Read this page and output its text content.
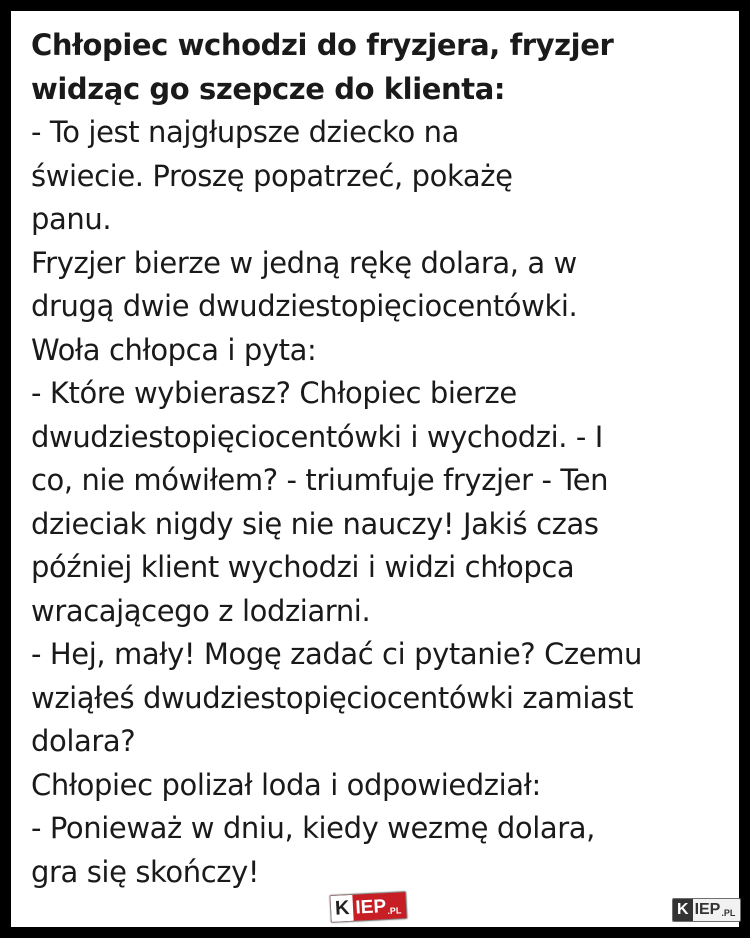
Chłopiec wchodzi do fryzjera, fryzjer
widząc go szepcze do klienta:
- To jest najgłupsze dziecko na
świecie. Proszę popatrzeć, pokażę
panu.
Fryzjer bierze w jedną rękę dolara, a w
drugą dwie dwudziestopięciocentówki.
Woła chłopca i pyta:
- Które wybierasz? Chłopiec bierze
dwudziestopięciocentówki i wychodzi. - I
co, nie mówiłem? - triumfuje fryzjer - Ten
dzieciak nigdy się nie nauczy! Jakiś czas
później klient wychodzi i widzi chłopca
wracającego z lodziarni.
- Hej, mały! Mogę zadać ci pytanie? Czemu
wziąłeś dwudziestopięciocentówki zamiast
dolara?
Chłopiec polizał loda i odpowiedział:
- Ponieważ w dniu, kiedy wezmę dolara,
gra się skończy!
K IEP .PL	K IEP .PL
